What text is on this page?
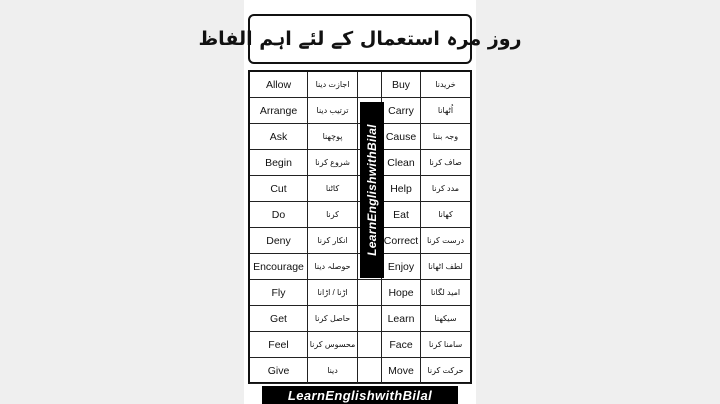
روز مرہ استعمال کے لئے اہم الفاظ
Allow	اجازت دینا	Buy	خریدنا
Arrange	ترتیب دینا	Carry	اُٹھانا
Ask	پوچھنا	Cause	وجہ بننا
Begin	شروع کرنا	Clean	صاف کرنا
Cut	کاٹنا	Help	مدد کرنا
Do	کرنا	Eat	کھانا
Deny	انکار کرنا	Correct	درست کرنا
Encourage	حوصلہ دینا	Enjoy	لطف اٹھانا
Fly	اڑنا / اڑانا	Hope	امید لگانا
Get	حاصل کرنا	Learn	سیکھنا
Feel	محسوس کرنا	Face	سامنا کرنا
Give	دینا	Move	حرکت کرنا
LearnEnglishwithBilal
LearnEnglishwithBilal
